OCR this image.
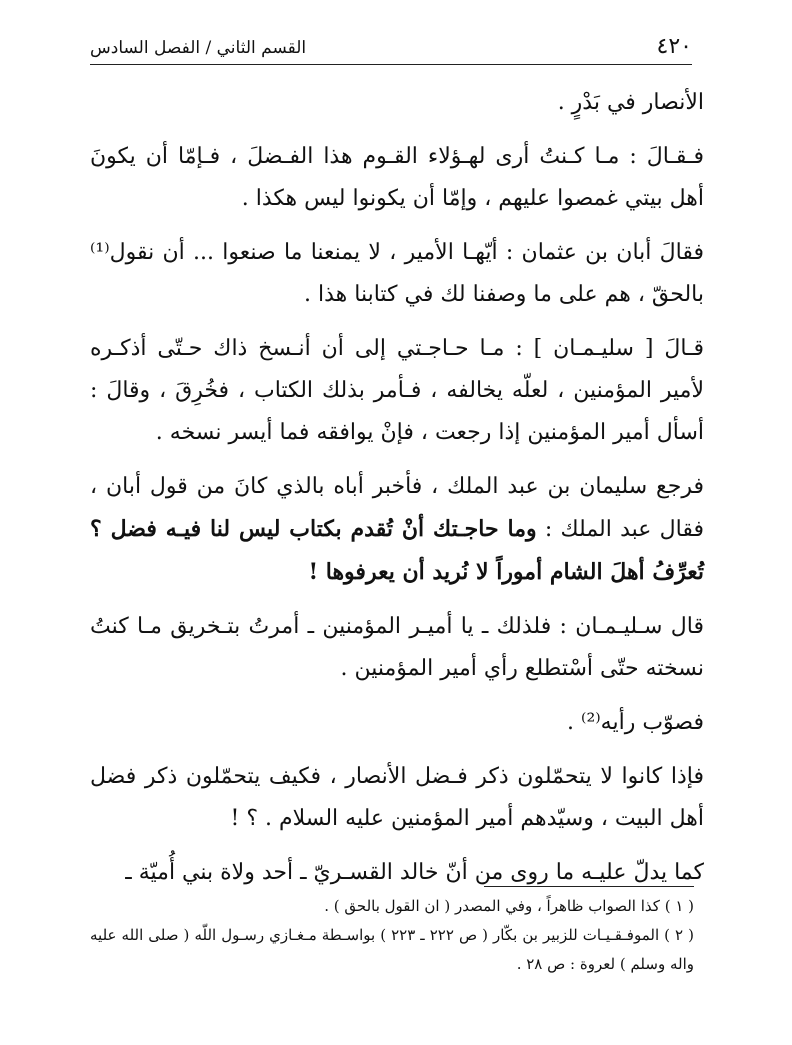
٤٢٠
القسم الثاني / الفصل السادس

الأنصار في بَدْرٍ .

فـقـالَ : مـا كـنتُ أرى لهـؤلاء القـوم هذا الفـضلَ ، فـإمّا أن يكونَ أهل بيتي غمصوا عليهم ، وإمّا أن يكونوا ليس هكذا .

فقالَ أبان بن عثمان : أيّهـا الأمير ، لا يمنعنا ما صنعوا ... أن نقول⁽¹⁾ بالحقّ ، هم على ما وصفنا لك في كتابنا هذا .

قـالَ [ سليـمـان ] : مـا حـاجـتي إلى أن أنـسخ ذاك حـتّى أذكـره لأمير المؤمنين ، لعلّه يخالفه ، فـأمر بذلك الكتاب ، فخُرِقَ ، وقالَ : أسأل أمير المؤمنين إذا رجعت ، فإنْ يوافقه فما أيسر نسخه .

فرجع سليمان بن عبد الملك ، فأخبر أباه بالذي كانَ من قول أبان ، فقال عبد الملك : وما حاجـتك أنْ تُقدم بكتاب ليس لنا فيـه فضل ؟ تُعرِّفُ أهلَ الشام أموراً لا نُريد أن يعرفوها !

قال سـليـمـان : فلذلك ـ يا أميـر المؤمنين ـ أمرتُ بتـخريق مـا كنتُ نسخته حتّى أسْتطلع رأي أمير المؤمنين .

فصوّب رأيه⁽²⁾ .

فإذا كانوا لا يتحمّلون ذكر فـضل الأنصار ، فكيف يتحمّلون ذكر فضل أهل البيت ، وسيّدهم أمير المؤمنين عليه السلام . ؟ !

كما يدلّ عليـه ما روى من أنّ خالد القسـريّ ـ أحد ولاة بني أُميّة ـ

( ١ ) كذا الصواب ظاهراً ، وفي المصدر ( ان القول بالحق ) .

( ٢ ) الموفـقـيـات للزبير بن بكّار ( ص ٢٢٢ ـ ٢٢٣ ) بواسـطة مـغـازي رسـول اللّه ( صلى الله عليه واله وسلم ) لعروة : ص ٢٨ .
